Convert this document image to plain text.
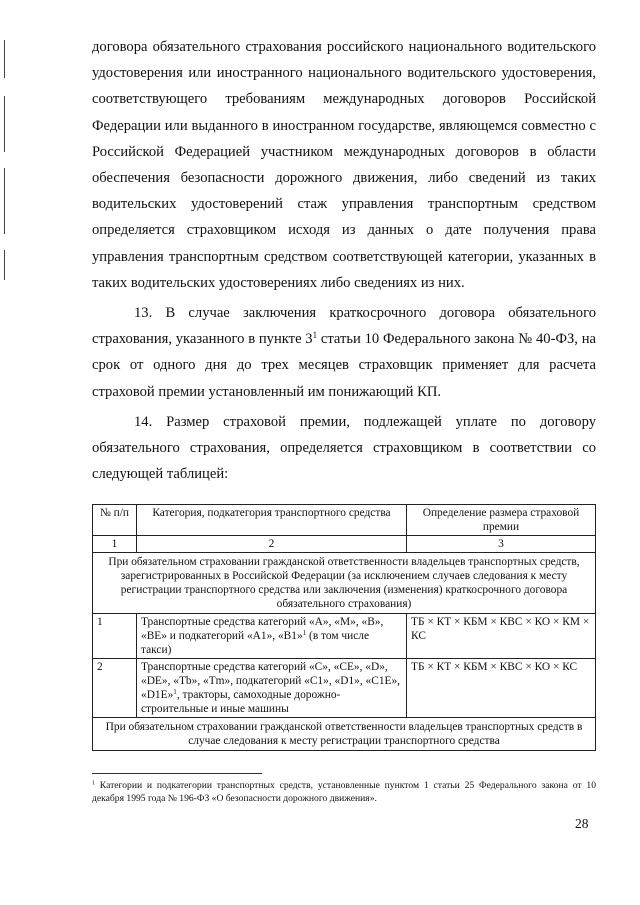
договора обязательного страхования российского национального водительского удостоверения или иностранного национального водительского удостоверения, соответствующего требованиям международных договоров Российской Федерации или выданного в иностранном государстве, являющемся совместно с Российской Федерацией участником международных договоров в области обеспечения безопасности дорожного движения, либо сведений из таких водительских удостоверений стаж управления транспортным средством определяется страховщиком исходя из данных о дате получения права управления транспортным средством соответствующей категории, указанных в таких водительских удостоверениях либо сведениях из них.

13. В случае заключения краткосрочного договора обязательного страхования, указанного в пункте $3^1$ статьи 10 Федерального закона № 40-ФЗ, на срок от одного дня до трех месяцев страховщик применяет для расчета страховой премии установленный им понижающий КП.

14. Размер страховой премии, подлежащей уплате по договору обязательного страхования, определяется страховщиком в соответствии со следующей таблицей:

№ п/п	Категория, подкатегория транспортного средства	Определение размера страховой премии
1	2	3
При обязательном страховании гражданской ответственности владельцев транспортных средств, зарегистрированных в Российской Федерации (за исключением случаев следования к месту регистрации транспортного средства или заключения (изменения) краткосрочного договора обязательного страхования)		
1	Транспортные средства категорий «А», «М», «В», «ВЕ» и подкатегорий «А1», «В1»$^1$ (в том числе такси)	ТБ × КТ × КБМ × КВС × КО × КМ × КС
2	Транспортные средства категорий «С», «СЕ», «D», «DE», «Tb», «Tm», подкатегорий «С1», «D1», «С1Е», «D1E»$^1$, тракторы, самоходные дорожно-строительные и иные машины	ТБ × КТ × КБМ × КВС × КО × КС
При обязательном страховании гражданской ответственности владельцев транспортных средств в случае следования к месту регистрации транспортного средства		

$^1$ Категории и подкатегории транспортных средств, установленные пунктом 1 статьи 25 Федерального закона от 10 декабря 1995 года № 196-ФЗ «О безопасности дорожного движения».

28
